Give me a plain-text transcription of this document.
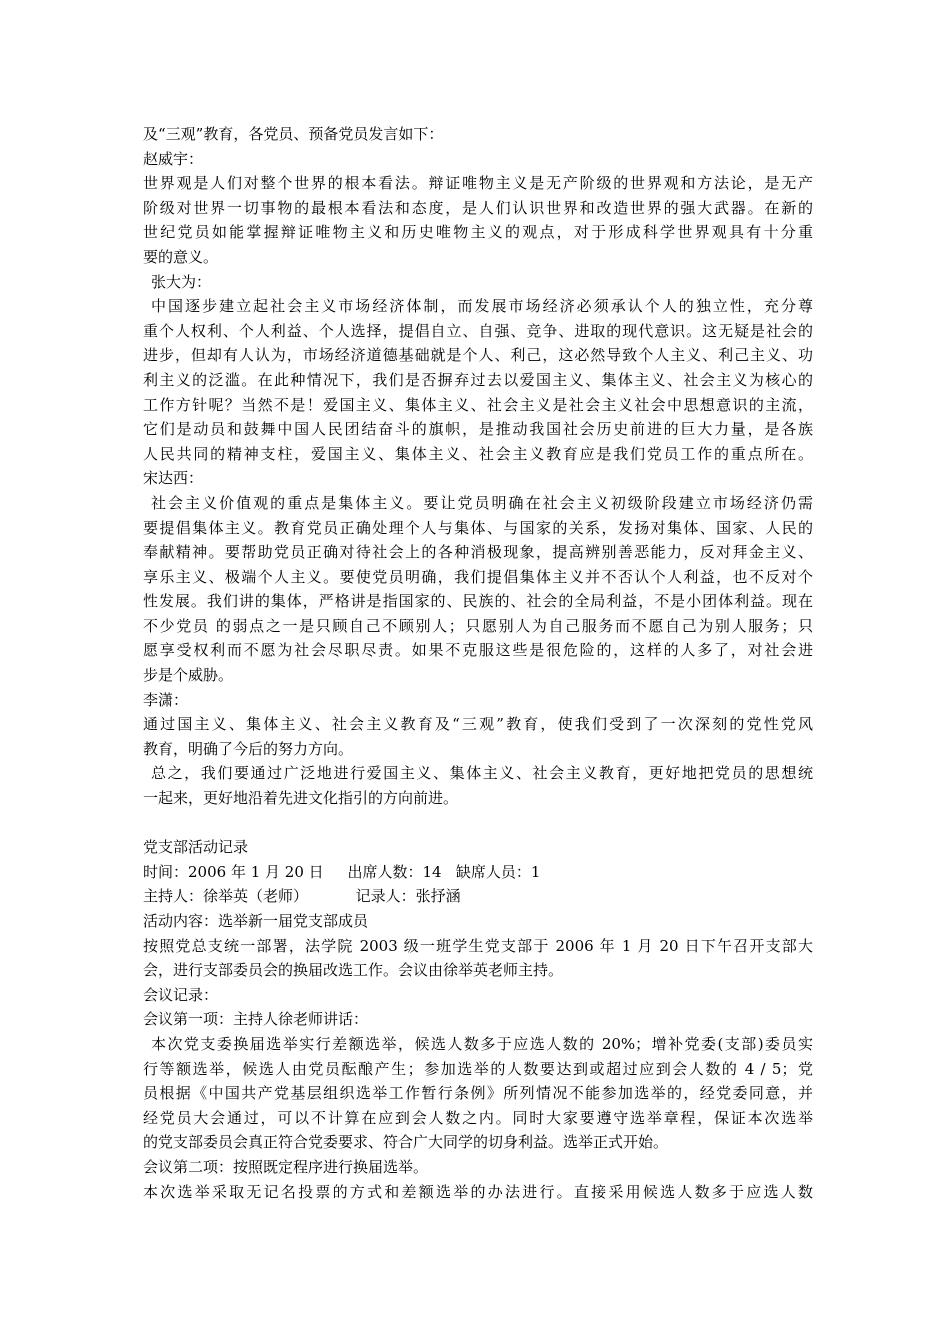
及“三观”教育，各党员、预备党员发言如下：
赵威宇：
世界观是人们对整个世界的根本看法。辩证唯物主义是无产阶级的世界观和方法论，是无产
阶级对世界一切事物的最根本看法和态度，是人们认识世界和改造世界的强大武器。在新的
世纪党员如能掌握辩证唯物主义和历史唯物主义的观点，对于形成科学世界观具有十分重
要的意义。
张大为：
中国逐步建立起社会主义市场经济体制，而发展市场经济必须承认个人的独立性，充分尊
重个人权利、个人利益、个人选择，提倡自立、自强、竞争、进取的现代意识。这无疑是社会的
进步，但却有人认为，市场经济道德基础就是个人、利己，这必然导致个人主义、利己主义、功
利主义的泛滥。在此种情况下，我们是否摒弃过去以爱国主义、集体主义、社会主义为核心的
工作方针呢？当然不是！爱国主义、集体主义、社会主义是社会主义社会中思想意识的主流，
它们是动员和鼓舞中国人民团结奋斗的旗帜，是推动我国社会历史前进的巨大力量，是各族
人民共同的精神支柱，爱国主义、集体主义、社会主义教育应是我们党员工作的重点所在。
宋达西：
社会主义价值观的重点是集体主义。要让党员明确在社会主义初级阶段建立市场经济仍需
要提倡集体主义。教育党员正确处理个人与集体、与国家的关系，发扬对集体、国家、人民的
奉献精神。要帮助党员正确对待社会上的各种消极现象，提高辨别善恶能力，反对拜金主义、
享乐主义、极端个人主义。要使党员明确，我们提倡集体主义并不否认个人利益，也不反对个
性发展。我们讲的集体，严格讲是指国家的、民族的、社会的全局利益，不是小团体利益。现在
不少党员 的弱点之一是只顾自己不顾别人；只愿别人为自己服务而不愿自己为别人服务；只
愿享受权利而不愿为社会尽职尽责。如果不克服这些是很危险的，这样的人多了，对社会进
步是个威胁。
李潇：
通过国主义、集体主义、社会主义教育及“三观”教育，使我们受到了一次深刻的党性党风
教育，明确了今后的努力方向。
总之，我们要通过广泛地进行爱国主义、集体主义、社会主义教育，更好地把党员的思想统
一起来，更好地沿着先进文化指引的方向前进。
党支部活动记录
时间：2006 年 1 月 20 日     出席人数：14   缺席人员：1
主持人：徐举英（老师）          记录人：张抒涵
活动内容：选举新一届党支部成员
按照党总支统一部署，法学院 2003 级一班学生党支部于 2006 年 1 月 20 日下午召开支部大
会，进行支部委员会的换届改选工作。会议由徐举英老师主持。
会议记录：
会议第一项：主持人徐老师讲话：
本次党支委换届选举实行差额选举，候选人数多于应选人数的 20%；增补党委(支部)委员实
行等额选举，候选人由党员酝酿产生；参加选举的人数要达到或超过应到会人数的 4 / 5；党
员根据《中国共产党基层组织选举工作暂行条例》所列情况不能参加选举的，经党委同意，并
经党员大会通过，可以不计算在应到会人数之内。同时大家要遵守选举章程，保证本次选举
的党支部委员会真正符合党委要求、符合广大同学的切身利益。选举正式开始。
会议第二项：按照既定程序进行换届选举。
本次选举采取无记名投票的方式和差额选举的办法进行。直接采用候选人数多于应选人数
